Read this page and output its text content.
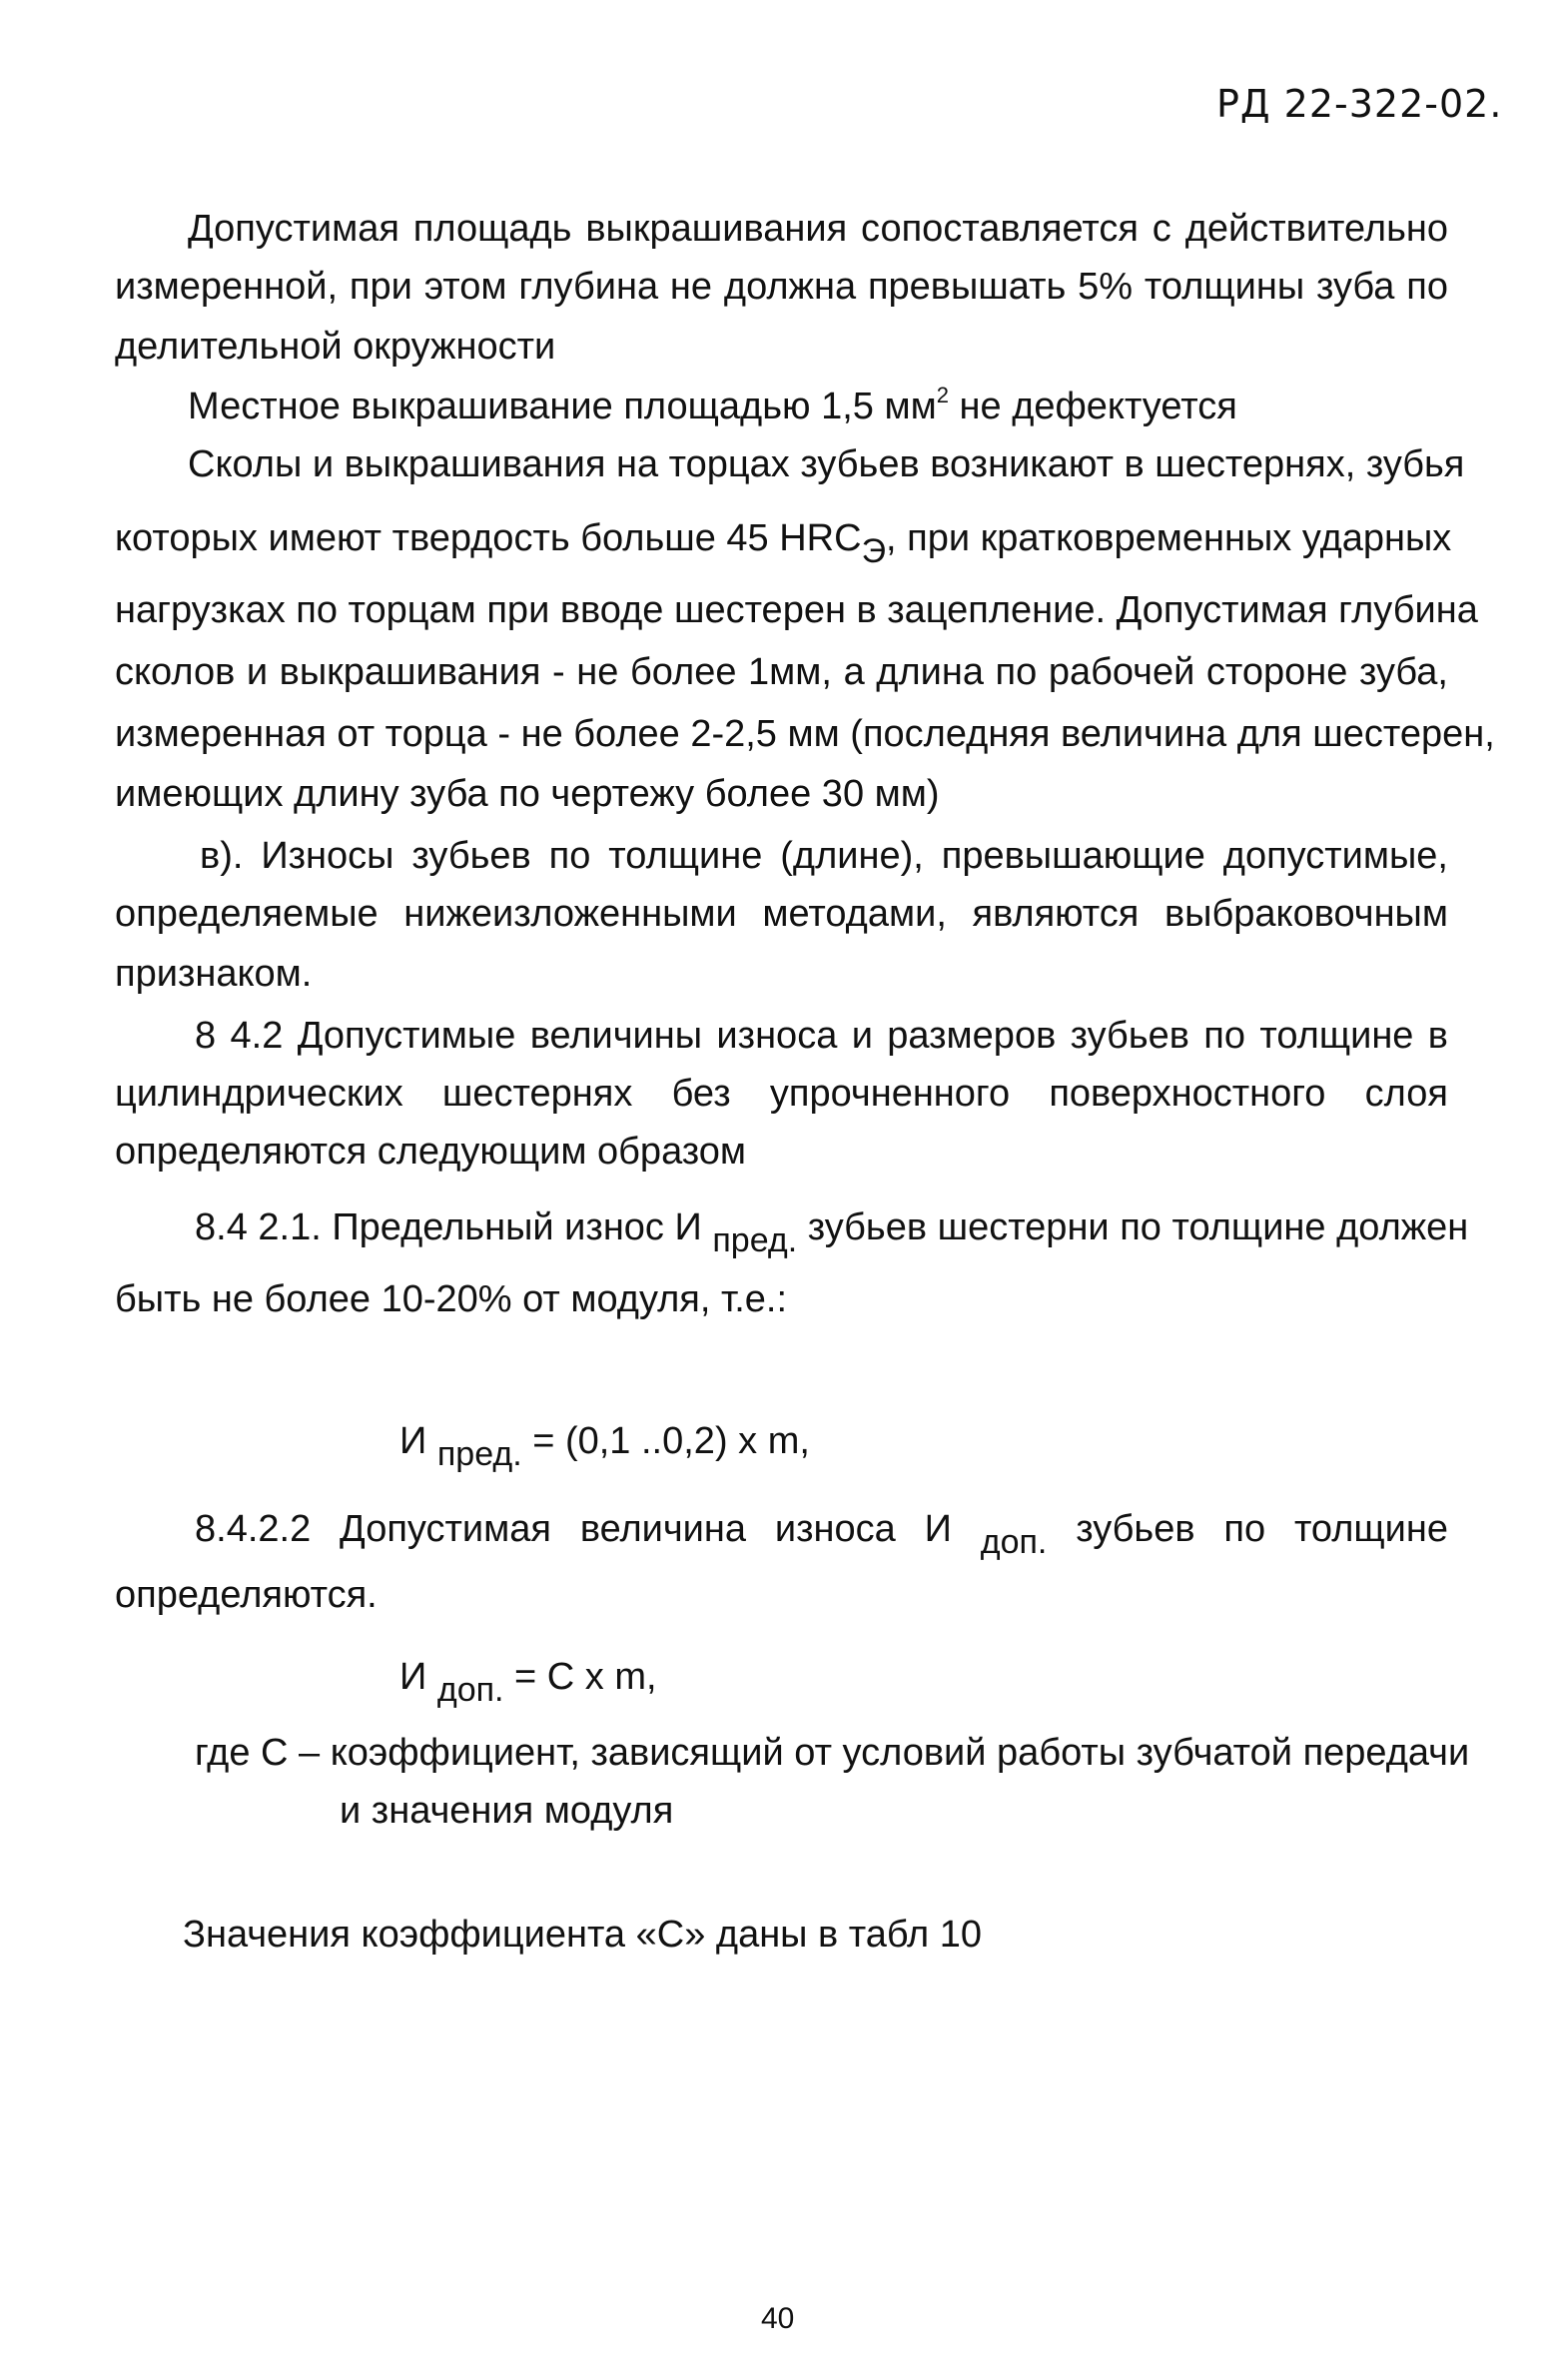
РД 22-322-02.
Допустимая площадь выкрашивания сопоставляется с действительно
измеренной, при этом глубина не должна превышать 5% толщины зуба по
делительной окружности
Местное выкрашивание площадью 1,5 $мм^2$ не дефектуется
Сколы и выкрашивания на торцах зубьев возникают в шестернях, зубья
которых имеют твердость больше 45 HRCЭ, при кратковременных ударных
нагрузках по торцам при вводе шестерен в зацепление. Допустимая глубина
сколов и выкрашивания - не более 1мм, а длина по рабочей стороне зуба,
измеренная от торца - не более 2-2,5 мм (последняя величина для шестерен,
имеющих длину зуба по чертежу более 30 мм)
в). Износы зубьев по толщине (длине), превышающие допустимые,
определяемые нижеизложенными методами, являются выбраковочным
признаком.
8 4.2 Допустимые величины износа и размеров зубьев по толщине в
цилиндрических шестернях без упрочненного поверхностного слоя
определяются следующим образом
8.4 2.1. Предельный износ И пред. зубьев шестерни по толщине должен
быть не более 10-20% от модуля, т.е.:
И пред. = (0,1 ..0,2) x m,
8.4.2.2 Допустимая величина износа И доп. зубьев по толщине
определяются.
И доп. = C x m,
где С – коэффициент, зависящий от условий работы зубчатой передачи
и значения модуля
Значения коэффициента «С» даны в табл 10
40
